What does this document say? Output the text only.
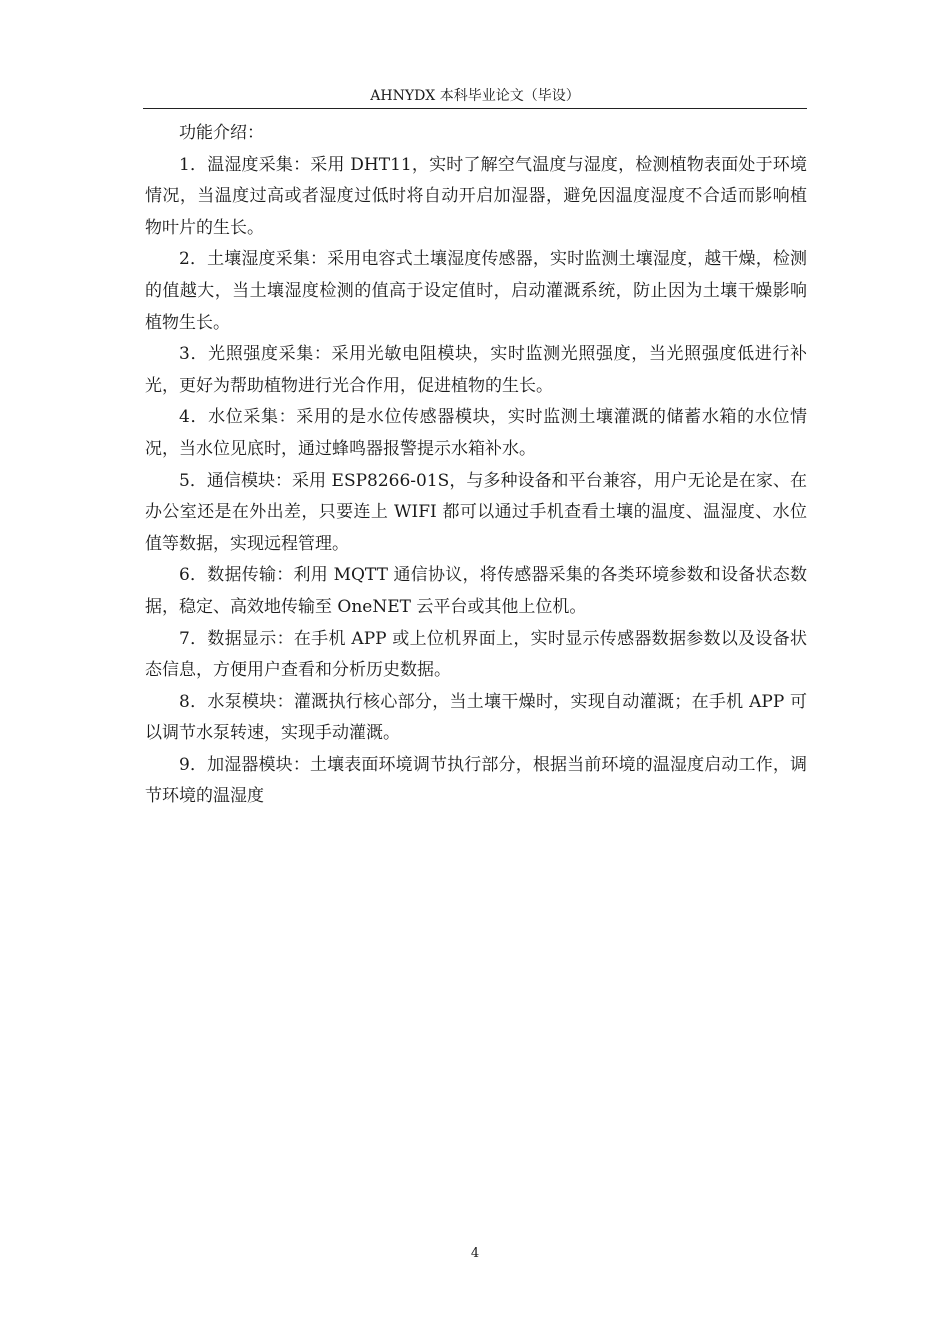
AHNYDX 本科毕业论文（毕设）

功能介绍：

1．温湿度采集：采用 DHT11，实时了解空气温度与湿度，检测植物表面处于环境情况，当温度过高或者湿度过低时将自动开启加湿器，避免因温度湿度不合适而影响植物叶片的生长。

2．土壤湿度采集：采用电容式土壤湿度传感器，实时监测土壤湿度，越干燥，检测的值越大，当土壤湿度检测的值高于设定值时，启动灌溉系统，防止因为土壤干燥影响植物生长。

3．光照强度采集：采用光敏电阻模块，实时监测光照强度，当光照强度低进行补光，更好为帮助植物进行光合作用，促进植物的生长。

4．水位采集：采用的是水位传感器模块，实时监测土壤灌溉的储蓄水箱的水位情况，当水位见底时，通过蜂鸣器报警提示水箱补水。

5．通信模块：采用 ESP8266-01S，与多种设备和平台兼容，用户无论是在家、在办公室还是在外出差，只要连上 WIFI 都可以通过手机查看土壤的温度、温湿度、水位值等数据，实现远程管理。

6．数据传输：利用 MQTT 通信协议，将传感器采集的各类环境参数和设备状态数据，稳定、高效地传输至 OneNET 云平台或其他上位机。

7．数据显示：在手机 APP 或上位机界面上，实时显示传感器数据参数以及设备状态信息，方便用户查看和分析历史数据。

8．水泵模块：灌溉执行核心部分，当土壤干燥时，实现自动灌溉；在手机 APP 可以调节水泵转速，实现手动灌溉。

9．加湿器模块：土壤表面环境调节执行部分，根据当前环境的温湿度启动工作，调节环境的温湿度

4
